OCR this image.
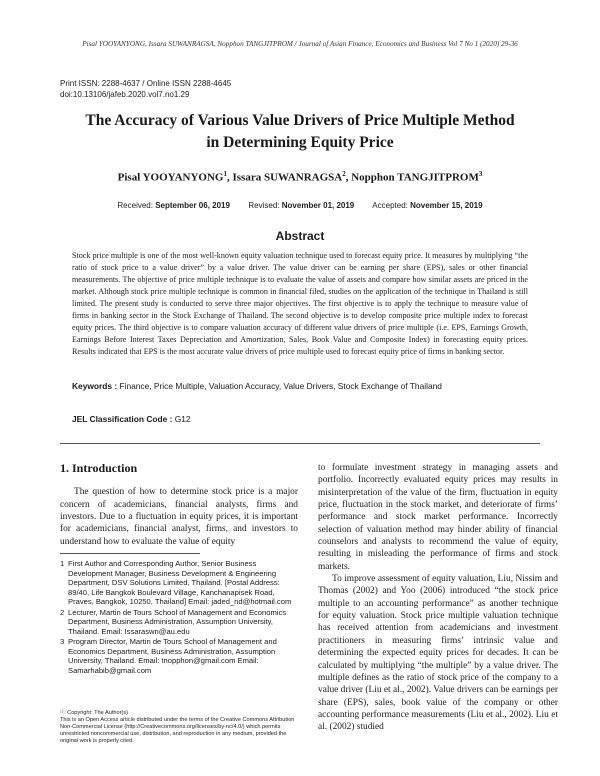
Pisal YOOYANYONG, Issara SUWANRAGSA, Nopphon TANGJITPROM / Journal of Asian Finance, Economics and Business Vol 7 No 1 (2020) 29-36
Print ISSN: 2288-4637 / Online ISSN 2288-4645
doi:10.13106/jafeb.2020.vol7.no1.29
The Accuracy of Various Value Drivers of Price Multiple Method
in Determining Equity Price
Pisal YOOYANYONG$^1$, Issara SUWANRAGSA$^2$, Nopphon TANGJITPROM$^3$
Received: September 06, 2019 Revised: November 01, 2019 Accepted: November 15, 2019
Abstract
Stock price multiple is one of the most well-known equity valuation technique used to forecast equity price. It measures by multiplying “the ratio of stock price to a value driver” by a value driver. The value driver can be earning per share (EPS), sales or other financial measurements. The objective of price multiple technique is to evaluate the value of assets and compare how similar assets are priced in the market. Although stock price multiple technique is common in financial filed, studies on the application of the technique in Thailand is still limited. The present study is conducted to serve three major objectives. The first objective is to apply the technique to measure value of firms in banking sector in the Stock Exchange of Thailand. The second objective is to develop composite price multiple index to forecast equity prices. The third objective is to compare valuation accuracy of different value drivers of price multiple (i.e. EPS, Earnings Growth, Earnings Before Interest Taxes Depreciation and Amortization, Sales, Book Value and Composite Index) in forecasting equity prices. Results indicated that EPS is the most accurate value drivers of price multiple used to forecast equity price of firms in banking sector.
Keywords : Finance, Price Multiple, Valuation Accuracy, Value Drivers, Stock Exchange of Thailand
JEL Classification Code : G12
1. Introduction

The question of how to determine stock price is a major concern of academicians, financial analysts, firms and investors. Due to a fluctuation in equity prices, it is important for academicians, financial analyst, firms, and investors to understand how to evaluate the value of equity

1 First Author and Corresponding Author, Senior Business Development Manager, Business Development & Engineering Department, DSV Solutions Limited, Thailand. [Postal Address: 89/40, Life Bangkok Boulevard Village, Kanchanapisek Road, Praves, Bangkok, 10250, Thailand] Email: jaded_nd@hotmail.com
2 Lecturer, Martin de Tours School of Management and Economics Department, Business Administration, Assumption University, Thailand. Email: Issaraswn@au.edu
3 Program Director, Martin de Tours School of Management and Economics Department, Business Administration, Assumption University, Thailand. Email: tnopphon@gmail.com Email: Samarhabib@gmail.com
ⓒ Copyright: The Author(s)
This is an Open Access article distributed under the terms of the Creative Commons Attribution Non-Commercial License (http://Creativecommons.org/licenses/by-nc/4.0/) which permits unrestricted noncommercial use, distribution, and reproduction in any medium, provided the original work is properly cited.

to formulate investment strategy in managing assets and portfolio. Incorrectly evaluated equity prices may results in misinterpretation of the value of the firm, fluctuation in equity price, fluctuation in the stock market, and deteriorate of firms’ performance and stock market performance. Incorrectly selection of valuation method may hinder ability of financial counselors and analysts to recommend the value of equity, resulting in misleading the performance of firms and stock markets.

To improve assessment of equity valuation, Liu, Nissim and Thomas (2002) and Yoo (2006) introduced “the stock price multiple to an accounting performance” as another technique for equity valuation. Stock price multiple valuation technique has received attention from academicians and investment practitioners in measuring firms’ intrinsic value and determining the expected equity prices for decades. It can be calculated by multiplying “the multiple” by a value driver. The multiple defines as the ratio of stock price of the company to a value driver (Liu et al., 2002). Value drivers can be earnings per share (EPS), sales, book value of the company or other accounting performance measurements (Liu et al., 2002). Liu et al. (2002) studied
